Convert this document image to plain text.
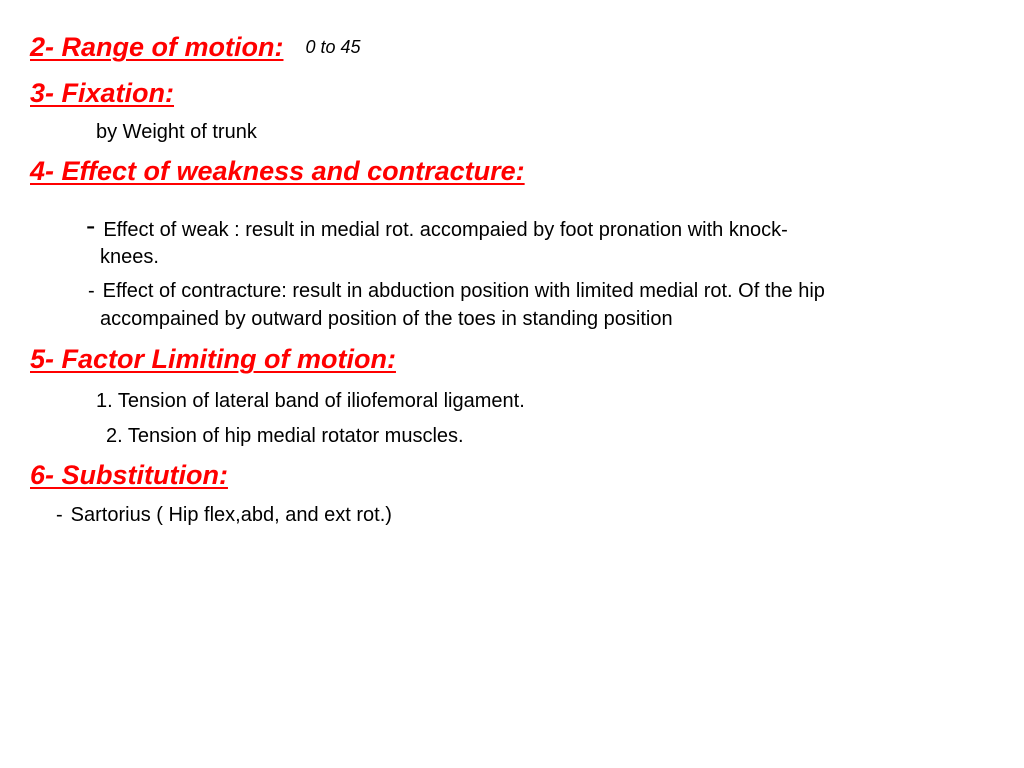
2- Range of motion: 0 to 45
3- Fixation:
by Weight of trunk
4- Effect of weakness and contracture:
- Effect of weak : result in medial rot. accompaied by foot pronation with knock-
knees.
- Effect of contracture: result in abduction position with limited medial rot. Of the hip
accompained by outward position of the toes in standing position
5- Factor Limiting of motion:
1. Tension of lateral band of iliofemoral ligament.
2. Tension of hip medial rotator muscles.
6- Substitution:
- Sartorius ( Hip flex,abd, and ext rot.)
